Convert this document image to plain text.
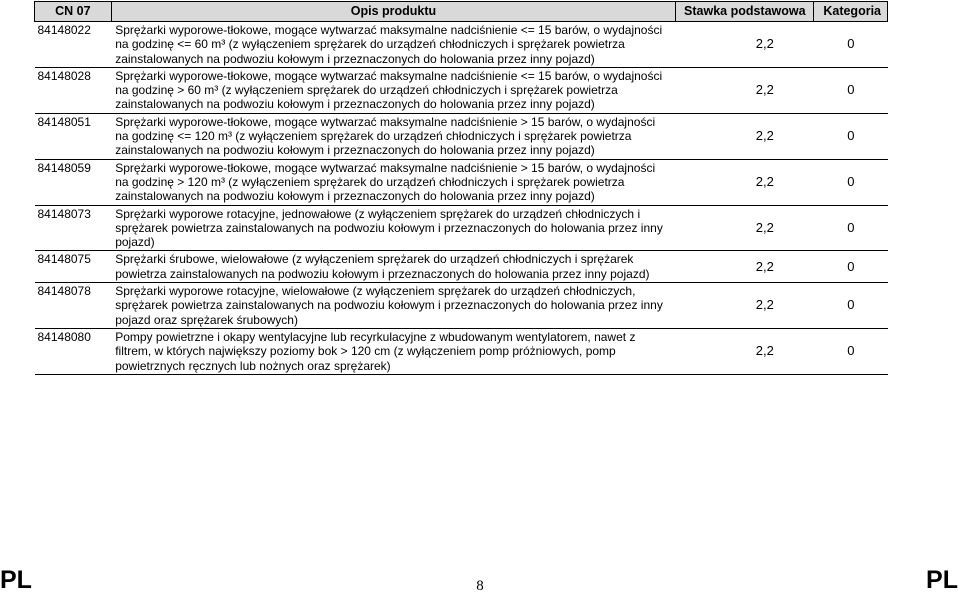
CN 07	Opis produktu	Stawka podstawowa	Kategoria
84148022	Sprężarki wyporowe-tłokowe, mogące wytwarzać maksymalne nadciśnienie <= 15 barów, o wydajności na godzinę <= 60 m³ (z wyłączeniem sprężarek do urządzeń chłodniczych i sprężarek powietrza zainstalowanych na podwoziu kołowym i przeznaczonych do holowania przez inny pojazd)	2,2	0
84148028	Sprężarki wyporowe-tłokowe, mogące wytwarzać maksymalne nadciśnienie <= 15 barów, o wydajności na godzinę > 60 m³ (z wyłączeniem sprężarek do urządzeń chłodniczych i sprężarek powietrza zainstalowanych na podwoziu kołowym i przeznaczonych do holowania przez inny pojazd)	2,2	0
84148051	Sprężarki wyporowe-tłokowe, mogące wytwarzać maksymalne nadciśnienie > 15 barów, o wydajności na godzinę <= 120 m³ (z wyłączeniem sprężarek do urządzeń chłodniczych i sprężarek powietrza zainstalowanych na podwoziu kołowym i przeznaczonych do holowania przez inny pojazd)	2,2	0
84148059	Sprężarki wyporowe-tłokowe, mogące wytwarzać maksymalne nadciśnienie > 15 barów, o wydajności na godzinę > 120 m³ (z wyłączeniem sprężarek do urządzeń chłodniczych i sprężarek powietrza zainstalowanych na podwoziu kołowym i przeznaczonych do holowania przez inny pojazd)	2,2	0
84148073	Sprężarki wyporowe rotacyjne, jednowałowe (z wyłączeniem sprężarek do urządzeń chłodniczych i sprężarek powietrza zainstalowanych na podwoziu kołowym i przeznaczonych do holowania przez inny pojazd)	2,2	0
84148075	Sprężarki śrubowe, wielowałowe (z wyłączeniem sprężarek do urządzeń chłodniczych i sprężarek powietrza zainstalowanych na podwoziu kołowym i przeznaczonych do holowania przez inny pojazd)	2,2	0
84148078	Sprężarki wyporowe rotacyjne, wielowałowe (z wyłączeniem sprężarek do urządzeń chłodniczych, sprężarek powietrza zainstalowanych na podwoziu kołowym i przeznaczonych do holowania przez inny pojazd oraz sprężarek śrubowych)	2,2	0
84148080	Pompy powietrzne i okapy wentylacyjne lub recyrkulacyjne z wbudowanym wentylatorem, nawet z filtrem, w których największy poziomy bok > 120 cm (z wyłączeniem pomp próżniowych, pomp powietrznych ręcznych lub nożnych oraz sprężarek)	2,2	0
PL	8	PL
